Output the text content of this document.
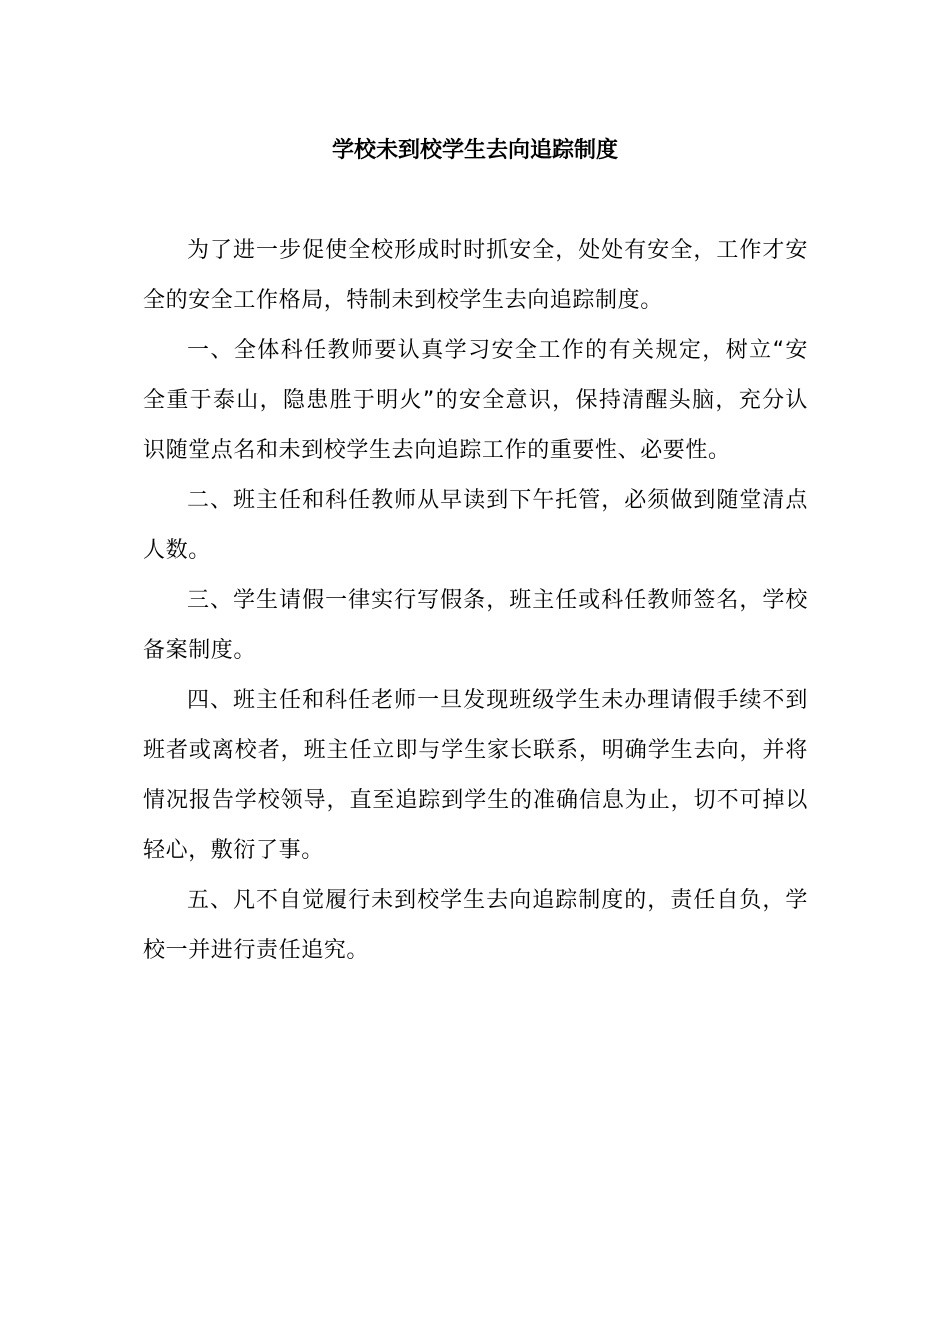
学校未到校学生去向追踪制度

为了进一步促使全校形成时时抓安全，处处有安全，工作才安全的安全工作格局，特制未到校学生去向追踪制度。

一、全体科任教师要认真学习安全工作的有关规定，树立“安全重于泰山，隐患胜于明火”的安全意识，保持清醒头脑，充分认识随堂点名和未到校学生去向追踪工作的重要性、必要性。

二、班主任和科任教师从早读到下午托管，必须做到随堂清点人数。

三、学生请假一律实行写假条，班主任或科任教师签名，学校备案制度。

四、班主任和科任老师一旦发现班级学生未办理请假手续不到班者或离校者，班主任立即与学生家长联系，明确学生去向，并将情况报告学校领导，直至追踪到学生的准确信息为止，切不可掉以轻心，敷衍了事。

五、凡不自觉履行未到校学生去向追踪制度的，责任自负，学校一并进行责任追究。
